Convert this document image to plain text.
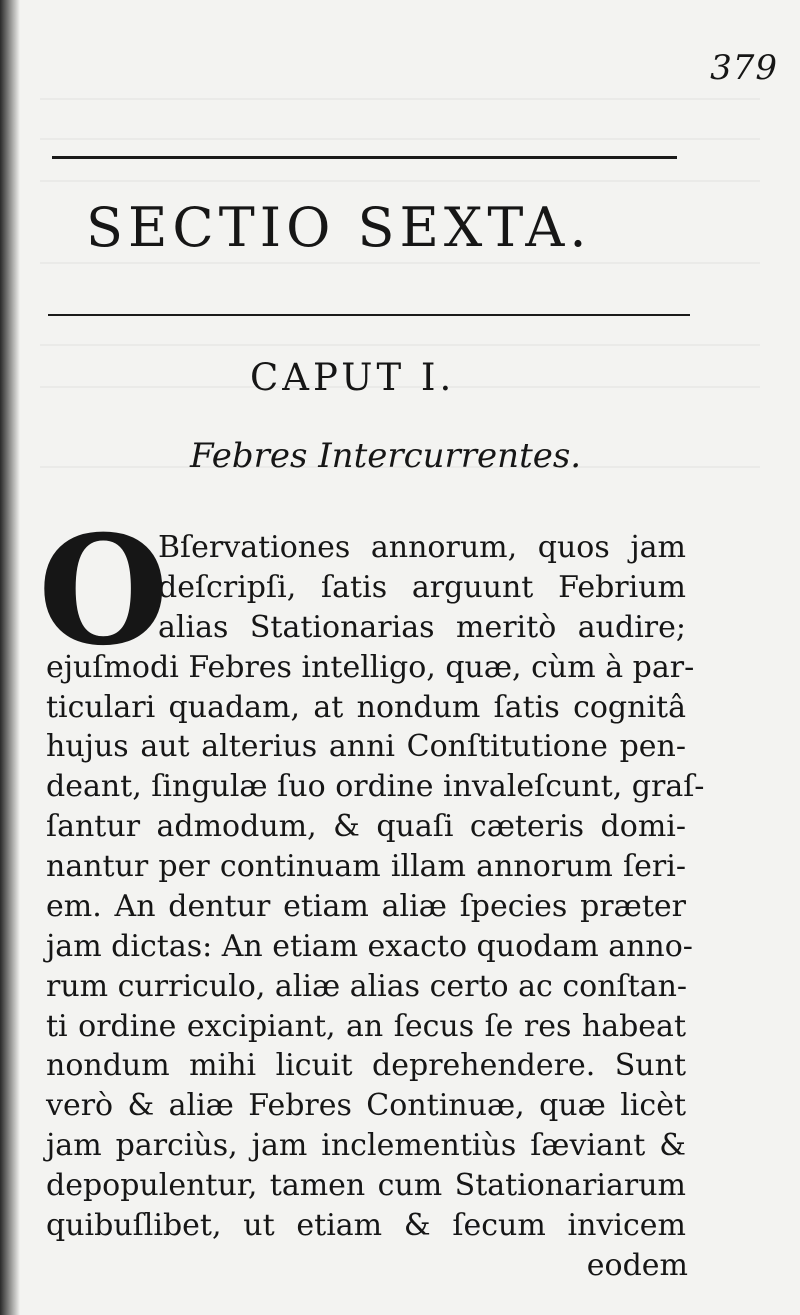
379
SECTIO SEXTA.
CAPUT I.
Febres Intercurrentes.
O
Bſervationes annorum, quos jam
deſcripſi, ſatis arguunt Febrium
alias Stationarias meritò audire;
ejuſmodi Febres intelligo, quæ, cùm à par-
ticulari quadam, at nondum ſatis cognitâ
hujus aut alterius anni Conſtitutione pen-
deant, ſingulæ ſuo ordine invaleſcunt, graſ-
ſantur admodum, & quaſi cæteris domi-
nantur per continuam illam annorum ſeri-
em. An dentur etiam aliæ ſpecies præter
jam dictas: An etiam exacto quodam anno-
rum curriculo, aliæ alias certo ac conſtan-
ti ordine excipiant, an ſecus ſe res habeat
nondum mihi licuit deprehendere. Sunt
verò & aliæ Febres Continuæ, quæ licèt
jam parciùs, jam inclementiùs ſæviant &
depopulentur, tamen cum Stationariarum
quibuſlibet, ut etiam & ſecum invicem
eodem
